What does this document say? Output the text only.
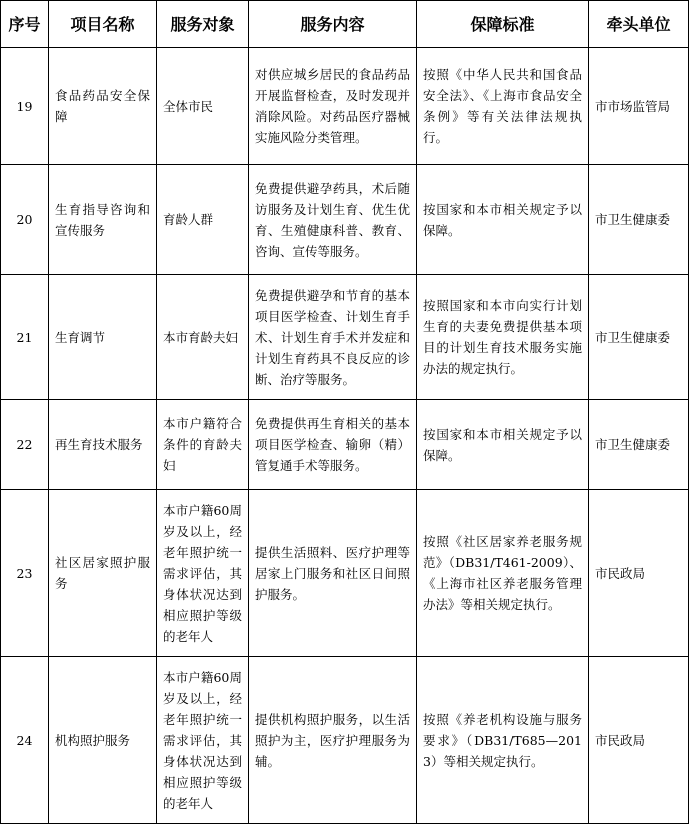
序号	项目名称	服务对象	服务内容	保障标准	牵头单位
19	食品药品安全保障	全体市民	对供应城乡居民的食品药品开展监督检查，及时发现并消除风险。对药品医疗器械实施风险分类管理。	按照《中华人民共和国食品安全法》、《上海市食品安全条例》等有关法律法规执行。	市市场监管局
20	生育指导咨询和宣传服务	育龄人群	免费提供避孕药具，术后随访服务及计划生育、优生优育、生殖健康科普、教育、咨询、宣传等服务。	按国家和本市相关规定予以保障。	市卫生健康委
21	生育调节	本市育龄夫妇	免费提供避孕和节育的基本项目医学检查、计划生育手术、计划生育手术并发症和计划生育药具不良反应的诊断、治疗等服务。	按照国家和本市向实行计划生育的夫妻免费提供基本项目的计划生育技术服务实施办法的规定执行。	市卫生健康委
22	再生育技术服务	本市户籍符合条件的育龄夫妇	免费提供再生育相关的基本项目医学检查、输卵（精）管复通手术等服务。	按国家和本市相关规定予以保障。	市卫生健康委
23	社区居家照护服务	本市户籍60周岁及以上，经老年照护统一需求评估，其身体状况达到相应照护等级的老年人	提供生活照料、医疗护理等居家上门服务和社区日间照护服务。	按照《社区居家养老服务规范》（DB31/T461-2009）、《上海市社区养老服务管理办法》等相关规定执行。	市民政局
24	机构照护服务	本市户籍60周岁及以上，经老年照护统一需求评估，其身体状况达到相应照护等级的老年人	提供机构照护服务，以生活照护为主，医疗护理服务为辅。	按照《养老机构设施与服务要求》（DB31/T685—2013）等相关规定执行。	市民政局
